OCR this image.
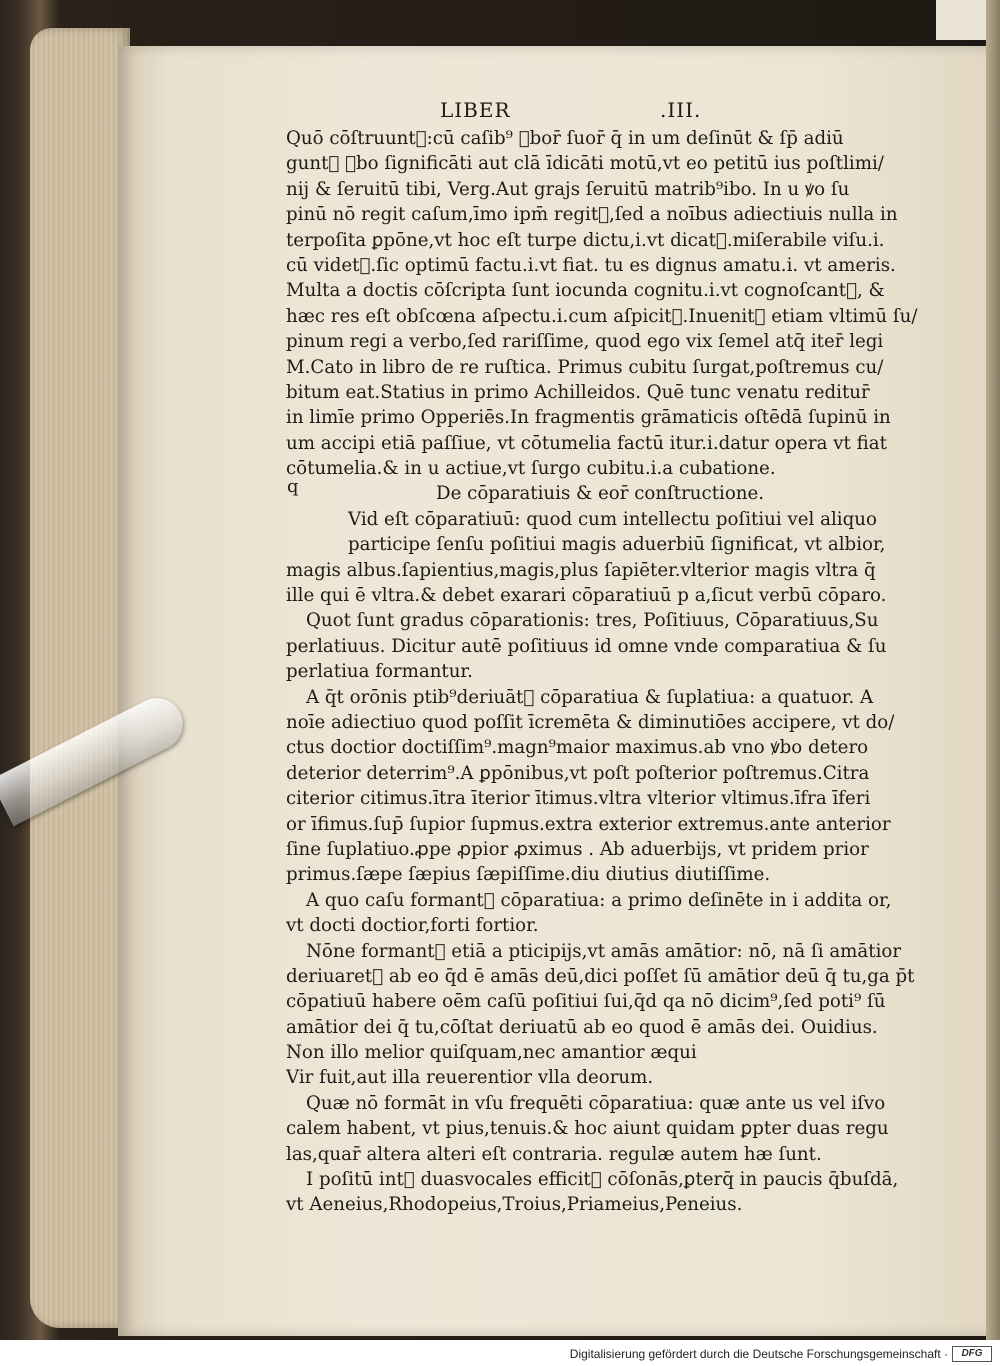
LIBER	.III.
Quō cōſtruunt᷑:cū caſib⁹ ꝟbor̄ ſuor̄ q̄ in um deſinūt & ſp̄ adiū
gunt᷑ ꝟbo ſignificāti aut clā īdicāti motū,vt eo petitū ius poſtlimi/
nij & ſeruitū tibi, Verg.Aut grajs ſeruitū matrib⁹ibo. In u ꝟo ſu
pinū nō regit caſum,īmo ipm̄ regit᷑,ſed a noībus adiectiuis nulla in
terpoſita ꝑpōne,vt hoc eſt turpe dictu,i.vt dicat᷑.miſerabile viſu.i.
cū videt᷑.ſic optimū factu.i.vt fiat. tu es dignus amatu.i. vt ameris.
Multa a doctis cōſcripta ſunt iocunda cognitu.i.vt cognoſcant᷑, &
hæc res eſt obſcœna aſpectu.i.cum aſpicit᷑.Inuenit᷑ etiam vltimū ſu/
pinum regi a verbo,ſed rariſſime, quod ego vix ſemel atq̄ iter̄ legi
M.Cato in libro de re ruſtica. Primus cubitu ſurgat,poſtremus cu/
bitum eat.Statius in primo Achilleidos. Quē tunc venatu reditur̄
in limīe primo Opperiēs.In fragmentis grāmaticis oſtēdā ſupinū in
um accipi etiā paſſiue, vt cōtumelia factū itur.i.datur opera vt fiat
cōtumelia.& in u actiue,vt ſurgo cubitu.i.a cubatione.
De cōparatiuis & eor̄ conſtructione.
Vid eſt cōparatiuū: quod cum intellectu poſitiui vel aliquo
participe ſenſu poſitiui magis aduerbiū ſignificat, vt albior,
magis albus.ſapientius,magis,plus ſapiēter.vlterior magis vltra q̄
ille qui ē vltra.& debet exarari cōparatiuū p a,ſicut verbū cōparo.
Quot ſunt gradus cōparationis: tres, Poſitiuus, Cōparatiuus,Su
perlatiuus. Dicitur autē poſitiuus id omne vnde comparatiua & ſu
perlatiua formantur.
A q̄t orōnis ptib⁹deriuāt᷑ cōparatiua & ſuplatiua: a quatuor. A
noīe adiectiuo quod poſſit īcremēta & diminutiōes accipere, vt do/
ctus doctior doctiſſim⁹.magn⁹maior maximus.ab vno ꝟbo detero
deterior deterrim⁹.A ꝑpōnibus,vt poſt poſterior poſtremus.Citra
citerior citimus.ītra īterior ītimus.vltra vlterior vltimus.īfra īferi
or īfimus.ſup̄ ſupior ſupmus.extra exterior extremus.ante anterior
ſine ſuplatiuo.ꝓpe ꝓpior ꝓximus . Ab aduerbijs, vt pridem prior
primus.ſæpe ſæpius ſæpiſſime.diu diutius diutiſſime.
A quo caſu formant᷑ cōparatiua: a primo deſinēte in i addita or,
vt docti doctior,forti fortior.
Nōne formant᷑ etiā a pticipijs,vt amās amātior: nō, nā ſi amātior
deriuaret᷑ ab eo q̄d ē amās deū,dici poſſet ſū amātior deū q̄ tu,ga p̄t
cōpatiuū habere oēm caſū poſitiui ſui,q̄d qa nō dicim⁹,ſed poti⁹ ſū
amātior dei q̄ tu,cōſtat deriuatū ab eo quod ē amās dei. Ouidius.
Non illo melior quiſquam,nec amantior æqui
Vir fuit,aut illa reuerentior vlla deorum.
Quæ nō formāt in vſu frequēti cōparatiua: quæ ante us vel iſvo
calem habent, vt pius,tenuis.& hoc aiunt quidam ꝑpter duas regu
las,quar̄ altera alteri eſt contraria. regulæ autem hæ ſunt.
I poſitū int᷑ duasvocales efficit᷑ cōſonās,ꝑterq̄ in paucis q̄buſdā,
vt Aeneius,Rhodopeius,Troius,Priameius,Peneius.
q
Digitalisierung gefördert durch die Deutsche Forschungsgemeinschaft ·	DFG
